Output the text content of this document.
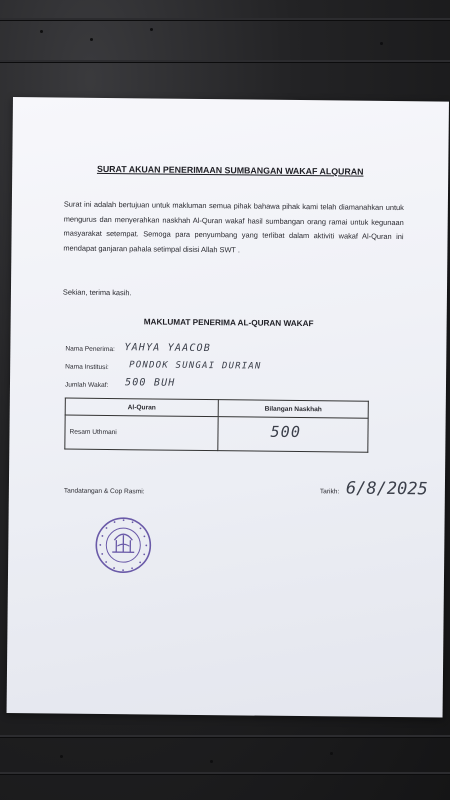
SURAT AKUAN PENERIMAAN SUMBANGAN WAKAF ALQURAN
Surat ini adalah bertujuan untuk makluman semua pihak bahawa pihak kami telah diamanahkan untuk mengurus dan menyerahkan naskhah Al-Quran wakaf hasil sumbangan orang ramai untuk kegunaan masyarakat setempat. Semoga para penyumbang yang terlibat dalam aktiviti wakaf Al-Quran ini mendapat ganjaran pahala setimpal disisi Allah SWT .
Sekian, terima kasih.
MAKLUMAT PENERIMA AL-QURAN WAKAF
Nama Penerima: YAHYA YAACOB
Nama Institusi: PONDOK SUNGAI DURIAN
Jumlah Wakaf: 500 BUH
Al-Quran	Bilangan Naskhah
Resam Uthmani	500
Tandatangan & Cop Rasmi:	Tarikh: 6/8/2025
